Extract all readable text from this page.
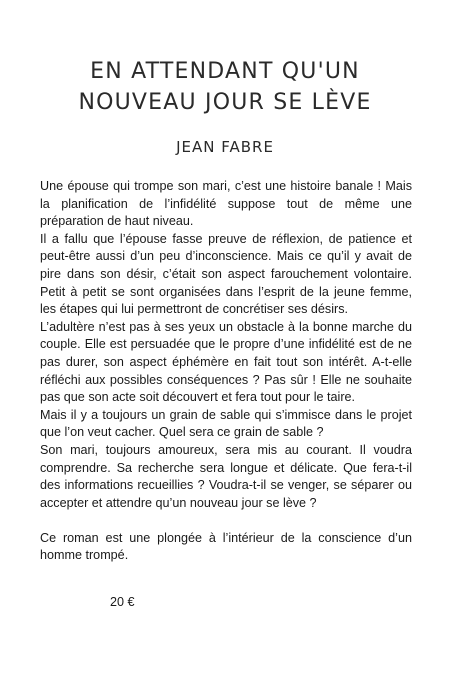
EN ATTENDANT QU'UN
NOUVEAU JOUR SE LÈVE
JEAN FABRE

Une épouse qui trompe son mari, c’est une histoire banale ! Mais la planification de l’infidélité suppose tout de même une préparation de haut niveau.

Il a fallu que l’épouse fasse preuve de réflexion, de patience et peut-être aussi d’un peu d’inconscience. Mais ce qu’il y avait de pire dans son désir, c’était son aspect farouchement volontaire. Petit à petit se sont organisées dans l’esprit de la jeune femme, les étapes qui lui permettront de concrétiser ses désirs.

L’adultère n’est pas à ses yeux un obstacle à la bonne marche du couple. Elle est persuadée que le propre d’une infidélité est de ne pas durer, son aspect éphémère en fait tout son intérêt. A-t-elle réfléchi aux possibles conséquences ? Pas sûr ! Elle ne souhaite pas que son acte soit découvert et fera tout pour le taire.

Mais il y a toujours un grain de sable qui s’immisce dans le projet que l’on veut cacher. Quel sera ce grain de sable ?

Son mari, toujours amoureux, sera mis au courant. Il voudra comprendre. Sa recherche sera longue et délicate. Que fera-t-il des informations recueillies ? Voudra-t-il se venger, se séparer ou accepter et attendre qu’un nouveau jour se lève ?

Ce roman est une plongée à l’intérieur de la conscience d’un homme trompé.

20 €
